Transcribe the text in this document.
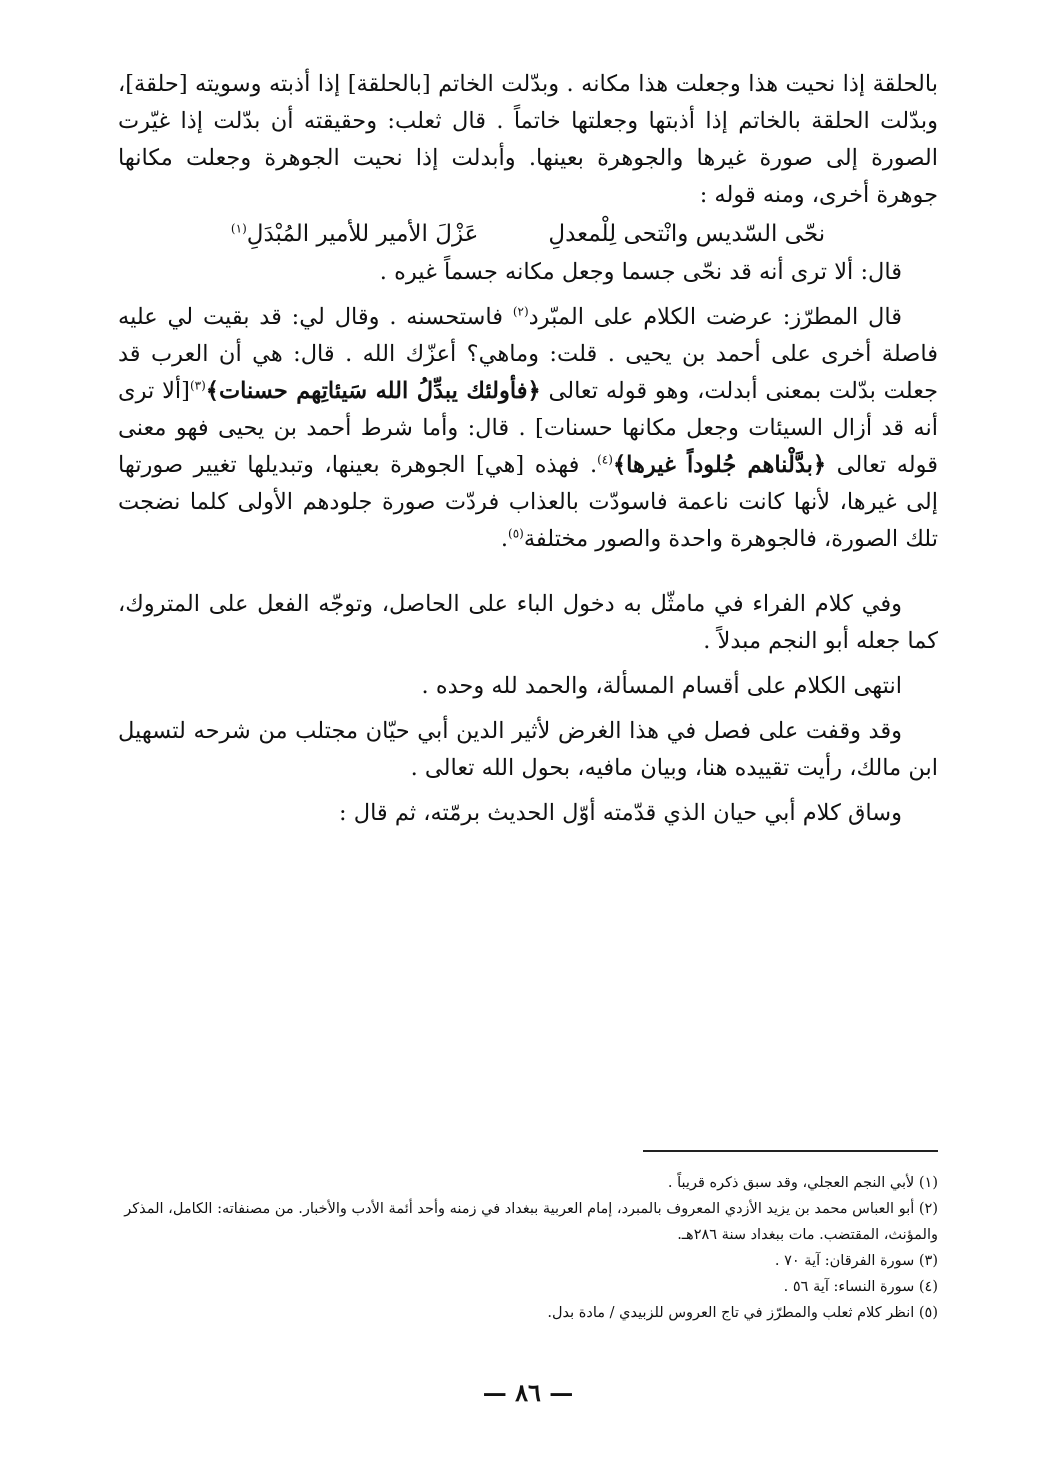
بالحلقة إذا نحيت هذا وجعلت هذا مكانه . وبدّلت الخاتم [بالحلقة] إذا أذبته وسويته [حلقة]، وبدّلت الحلقة بالخاتم إذا أذبتها وجعلتها خاتماً . قال ثعلب: وحقيقته أن بدّلت إذا غيّرت الصورة إلى صورة غيرها والجوهرة بعينها. وأبدلت إذا نحيت الجوهرة وجعلت مكانها جوهرة أخرى، ومنه قوله :

نحّى السّديس وانْتحى لِلْمعدلِ
عَزْلَ الأمير للأمير المُبْدَلِ$^{(١)}$

قال: ألا ترى أنه قد نحّى جسما وجعل مكانه جسماً غيره .

قال المطرّز: عرضت الكلام على المبّرد$^{(٢)}$ فاستحسنه . وقال لي: قد بقيت لي عليه فاصلة أخرى على أحمد بن يحيى . قلت: وماهي؟ أعزّك الله . قال: هي أن العرب قد جعلت بدّلت بمعنى أبدلت، وهو قوله تعالى ﴿فأولئك يبدِّلُ الله سَيئاتِهم حسنات﴾$^{(٣)}$[ألا ترى أنه قد أزال السيئات وجعل مكانها حسنات] . قال: وأما شرط أحمد بن يحيى فهو معنى قوله تعالى ﴿بدَّلْناهم جُلوداً غيرها﴾$^{(٤)}$. فهذه [هي] الجوهرة بعينها، وتبديلها تغيير صورتها إلى غيرها، لأنها كانت ناعمة فاسودّت بالعذاب فردّت صورة جلودهم الأولى كلما نضجت تلك الصورة، فالجوهرة واحدة والصور مختلفة$^{(٥)}$.

وفي كلام الفراء في مامثّل به دخول الباء على الحاصل، وتوجّه الفعل على المتروك، كما جعله أبو النجم مبدلاً .

انتهى الكلام على أقسام المسألة، والحمد لله وحده .

وقد وقفت على فصل في هذا الغرض لأثير الدين أبي حيّان مجتلب من شرحه لتسهيل ابن مالك، رأيت تقييده هنا، وبيان مافيه، بحول الله تعالى .

وساق كلام أبي حيان الذي قدّمته أوّل الحديث برمّته، ثم قال :

(١) لأبي النجم العجلي، وقد سبق ذكره قريباً .

(٢) أبو العباس محمد بن يزيد الأزدي المعروف بالمبرد، إمام العربية ببغداد في زمنه وأحد أئمة الأدب والأخبار. من مصنفاته: الكامل، المذكر والمؤنث، المقتضب. مات ببغداد سنة ٢٨٦هـ.

(٣) سورة الفرقان: آية ٧٠ .

(٤) سورة النساء: آية ٥٦ .

(٥) انظر كلام ثعلب والمطرّز في تاج العروس للزبيدي / مادة بدل.

— ٨٦ —
